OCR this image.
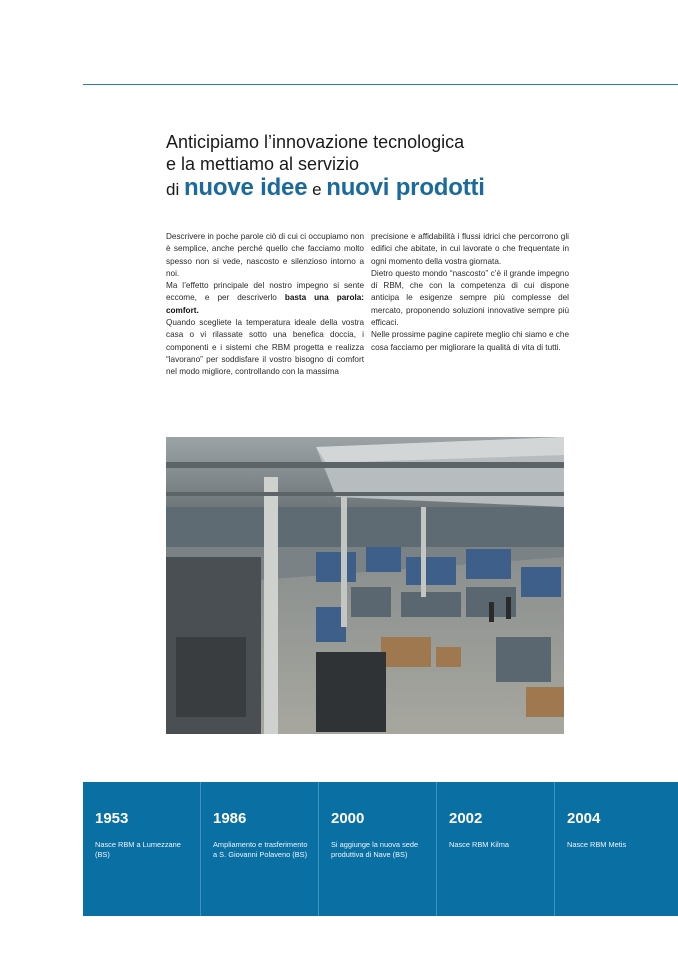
Anticipiamo l’innovazione tecnologica
e la mettiamo al servizio
di nuove idee e nuovi prodotti

Descrivere in poche parole ciò di cui ci occupiamo non è semplice, anche perché quello che facciamo molto spesso non si vede, nascosto e silenzioso intorno a noi.

Ma l’effetto principale del nostro impegno si sente eccome, e per descriverlo basta una parola: comfort.

Quando scegliete la temperatura ideale della vostra casa o vi rilassate sotto una benefica doccia, i componenti e i sistemi che RBM progetta e realizza “lavorano” per soddisfare il vostro bisogno di comfort nel modo migliore, controllando con la massima

precisione e affidabilità i flussi idrici che percorrono gli edifici che abitate, in cui lavorate o che frequentate in ogni momento della vostra giornata.

Dietro questo mondo “nascosto” c’è il grande impegno di RBM, che con la competenza di cui dispone anticipa le esigenze sempre più complesse del mercato, proponendo soluzioni innovative sempre più efficaci.

Nelle prossime pagine capirete meglio chi siamo e che cosa facciamo per migliorare la qualità di vita di tutti.

1953
Nasce RBM a Lumezzane (BS)
1986
Ampliamento e trasferimento a S. Giovanni Polaveno (BS)
2000
Si aggiunge la nuova sede produttiva di Nave (BS)
2002
Nasce RBM Kilma
2004
Nasce RBM Metis
